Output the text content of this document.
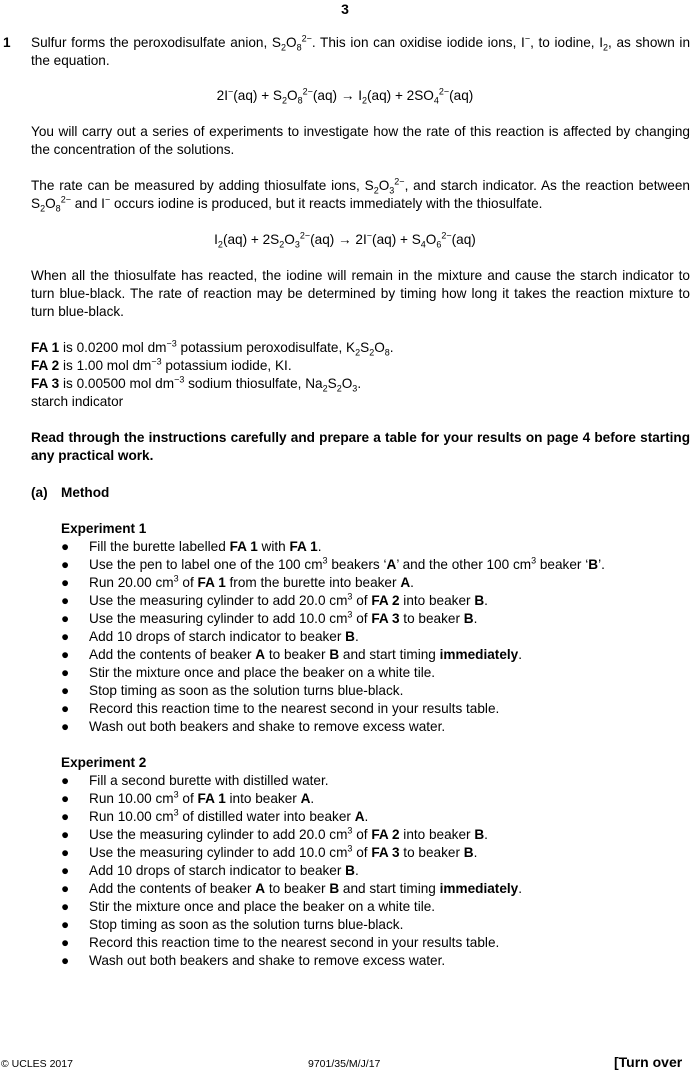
3
1 Sulfur forms the peroxodisulfate anion, $S_2O_8^{2-}$. This ion can oxidise iodide ions, I−, to iodine, $I_2$, as shown in the equation.
$2I^-(aq) + S_2O_8^{2-}(aq) \to I_2(aq) + 2SO_4^{2-}(aq)$
You will carry out a series of experiments to investigate how the rate of this reaction is affected by changing the concentration of the solutions.
The rate can be measured by adding thiosulfate ions, $S_2O_3^{2-}$, and starch indicator. As the reaction between $S_2O_8^{2-}$ and I− occurs iodine is produced, but it reacts immediately with the thiosulfate.
$I_2(aq) + 2S_2O_3^{2-}(aq) \to 2I^-(aq) + S_4O_6^{2-}(aq)$
When all the thiosulfate has reacted, the iodine will remain in the mixture and cause the starch indicator to turn blue-black. The rate of reaction may be determined by timing how long it takes the reaction mixture to turn blue-black.
FA 1 is 0.0200 mol $dm^{-3}$ potassium peroxodisulfate, $K_2S_2O_8$.
FA 2 is 1.00 mol $dm^{-3}$ potassium iodide, KI.
FA 3 is 0.00500 mol $dm^{-3}$ sodium thiosulfate, $Na_2S_2O_3$.
starch indicator
Read through the instructions carefully and prepare a table for your results on page 4 before starting any practical work.
(a) Method
Experiment 1
● Fill the burette labelled FA 1 with FA 1.
● Use the pen to label one of the 100 $cm^3$ beakers ‘A’ and the other 100 $cm^3$ beaker ‘B’.
● Run 20.00 $cm^3$ of FA 1 from the burette into beaker A.
● Use the measuring cylinder to add 20.0 $cm^3$ of FA 2 into beaker B.
● Use the measuring cylinder to add 10.0 $cm^3$ of FA 3 to beaker B.
● Add 10 drops of starch indicator to beaker B.
● Add the contents of beaker A to beaker B and start timing immediately.
● Stir the mixture once and place the beaker on a white tile.
● Stop timing as soon as the solution turns blue-black.
● Record this reaction time to the nearest second in your results table.
● Wash out both beakers and shake to remove excess water.
Experiment 2
● Fill a second burette with distilled water.
● Run 10.00 $cm^3$ of FA 1 into beaker A.
● Run 10.00 $cm^3$ of distilled water into beaker A.
● Use the measuring cylinder to add 20.0 $cm^3$ of FA 2 into beaker B.
● Use the measuring cylinder to add 10.0 $cm^3$ of FA 3 to beaker B.
● Add 10 drops of starch indicator to beaker B.
● Add the contents of beaker A to beaker B and start timing immediately.
● Stir the mixture once and place the beaker on a white tile.
● Stop timing as soon as the solution turns blue-black.
● Record this reaction time to the nearest second in your results table.
● Wash out both beakers and shake to remove excess water.
© UCLES 2017	9701/35/M/J/17	[Turn over
